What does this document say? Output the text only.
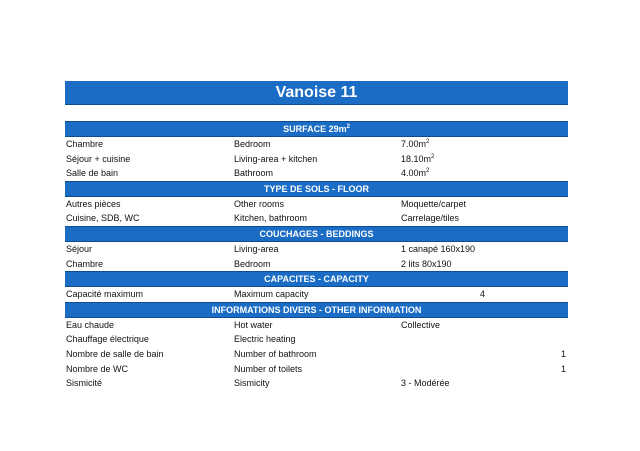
Vanoise 11
SURFACE $29m^2$
Chambre	Bedroom	$7.00m^2$
Séjour + cuisine	Living-area + kitchen	$18.10m^2$
Salle de bain	Bathroom	$4.00m^2$
TYPE DE SOLS - FLOOR
Autres pièces	Other rooms	Moquette/carpet
Cuisine, SDB, WC	Kitchen, bathroom	Carrelage/tiles
COUCHAGES - BEDDINGS
Séjour	Living-area	1 canapé 160x190
Chambre	Bedroom	2 lits 80x190
CAPACITES - CAPACITY
Capacité maximum	Maximum capacity	4
INFORMATIONS DIVERS - OTHER INFORMATION
Eau chaude	Hot water	Collective
Chauffage électrique	Electric heating
Nombre de salle de bain	Number of bathroom	1
Nombre de WC	Number of toilets	1
Sismicité	Sismicity	3 - Modérée
